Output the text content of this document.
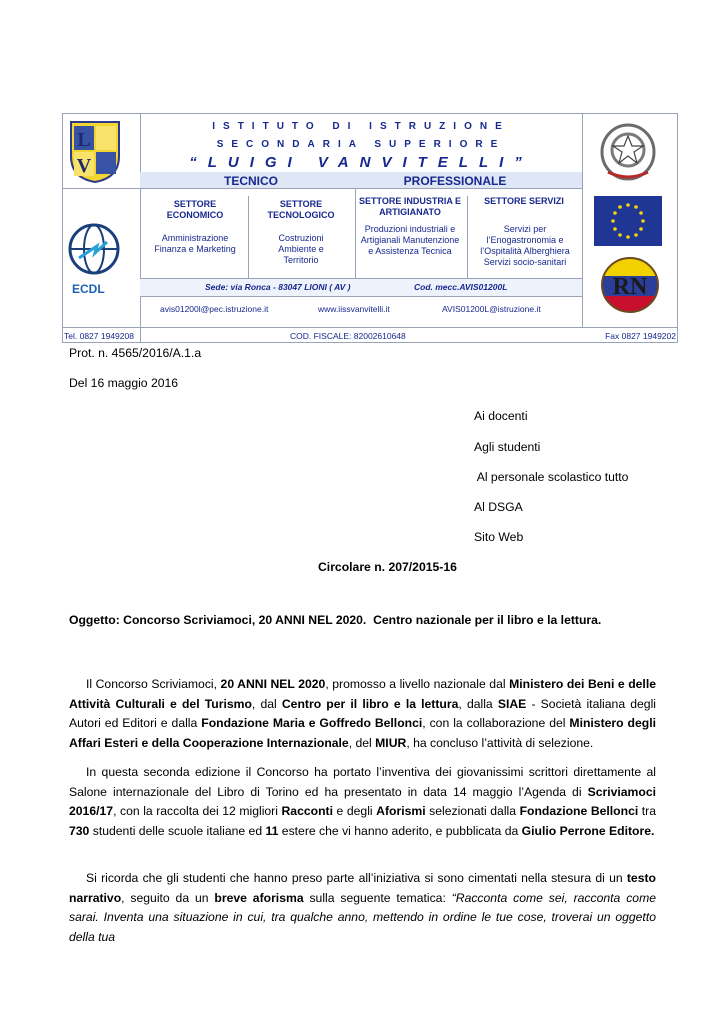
ISTITUTO DI ISTRUZIONE
SECONDARIA SUPERIORE
“LUIGI VANVITELLI”
TECNICO	PROFESSIONALE
SETTORE ECONOMICO
Amministrazione Finanza e Marketing
SETTORE TECNOLOGICO
Costruzioni Ambiente e Territorio
SETTORE INDUSTRIA E ARTIGIANATO
Produzioni industriali e Artigianali Manutenzione e Assistenza Tecnica
SETTORE SERVIZI
Servizi per l’Enogastronomia e l’Ospitalità Alberghiera Servizi socio-sanitari
Sede: via Ronca - 83047 LIONI ( AV )	Cod. mecc.AVIS01200L
avis01200l@pec.istruzione.it	www.iissvanvitelli.it	AVIS01200L@istruzione.it
Tel. 0827 1949208	COD. FISCALE: 82002610648	Fax 0827 1949202
L
V
ECDL	RN
Prot. n. 4565/2016/A.1.a
Del 16 maggio 2016
Ai docenti
Agli studenti
Al personale scolastico tutto
Al DSGA
Sito Web
Circolare n. 207/2015-16
Oggetto: Concorso Scriviamoci, 20 ANNI NEL 2020.  Centro nazionale per il libro e la lettura.
Il Concorso Scriviamoci, 20 ANNI NEL 2020, promosso a livello nazionale dal Ministero dei Beni e delle Attività Culturali e del Turismo, dal Centro per il libro e la lettura, dalla SIAE - Società italiana degli Autori ed Editori e dalla Fondazione Maria e Goffredo Bellonci, con la collaborazione del Ministero degli Affari Esteri e della Cooperazione Internazionale, del MIUR, ha concluso l’attività di selezione.
In questa seconda edizione il Concorso ha portato l’inventiva dei giovanissimi scrittori direttamente al Salone internazionale del Libro di Torino ed ha presentato in data 14 maggio l’Agenda di Scriviamoci 2016/17, con la raccolta dei 12 migliori Racconti e degli Aforismi selezionati dalla Fondazione Bellonci tra 730 studenti delle scuole italiane ed 11 estere che vi hanno aderito, e pubblicata da Giulio Perrone Editore.
Si ricorda che gli studenti che hanno preso parte all’iniziativa si sono cimentati nella stesura di un testo narrativo, seguito da un breve aforisma sulla seguente tematica: “Racconta come sei, racconta come sarai. Inventa una situazione in cui, tra qualche anno, mettendo in ordine le tue cose, troverai un oggetto della tua
